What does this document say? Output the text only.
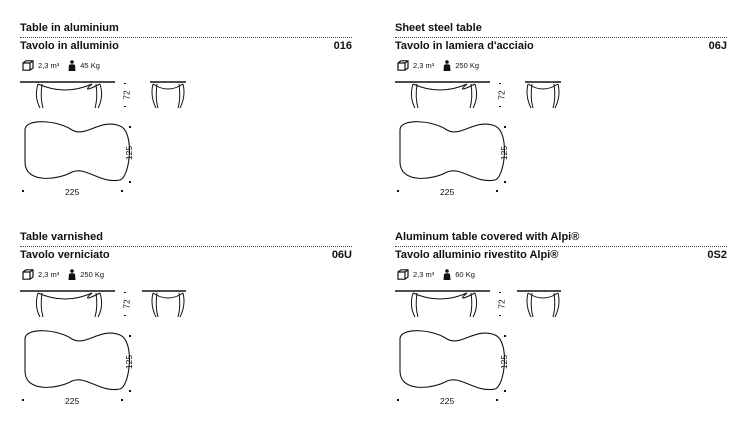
Table in aluminium
Tavolo in alluminio	016
2,3 m³	45 Kg
72
125
225
Sheet steel table
Tavolo in lamiera d'acciaio	06J
2,3 m³	250 Kg
72
125
225
Table varnished
Tavolo verniciato	06U
2,3 m³	250 Kg
72
125
225
Aluminum table covered with Alpi®
Tavolo alluminio rivestito Alpi®	0S2
2,3 m³	60 Kg
72
125
225
